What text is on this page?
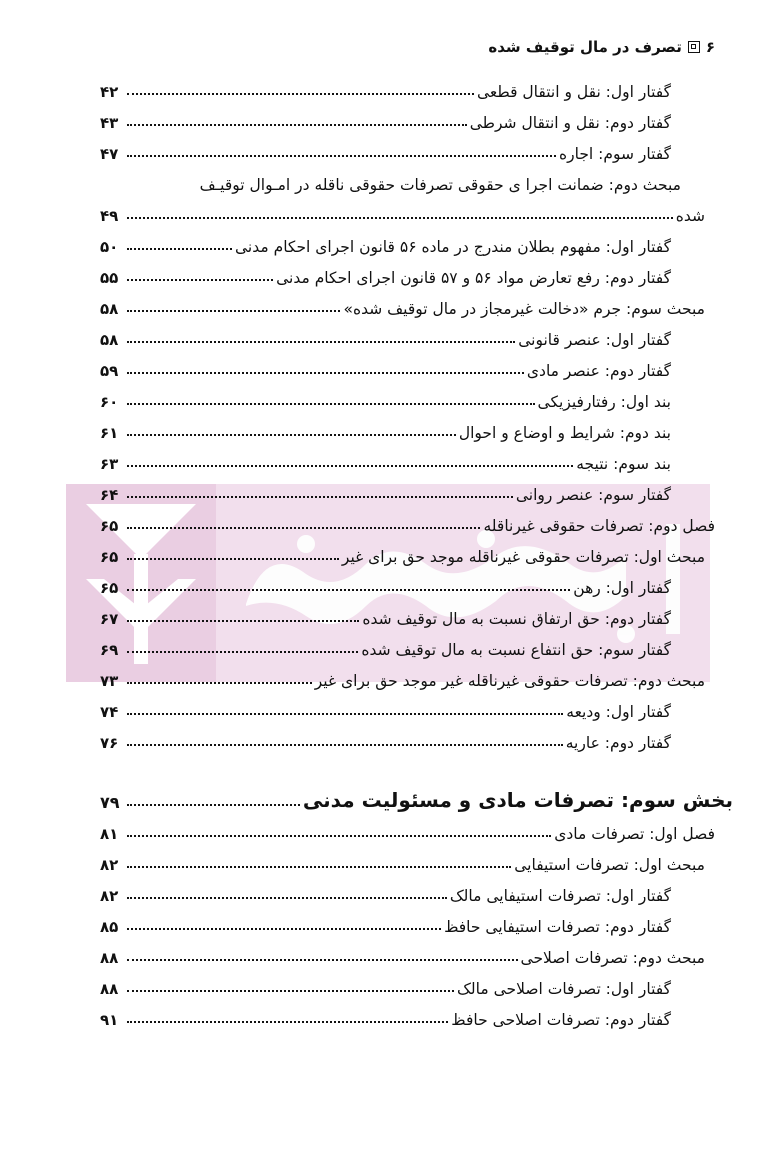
۶
تصرف در مال توقیف شده
گفتار اول: نقل و انتقال قطعی
۴۲
گفتار دوم: نقل و انتقال شرطی
۴۳
گفتار سوم: اجاره
۴۷
مبحث دوم: ضمانت اجرا ی حقوقی تصرفات حقوقی ناقله در امـوال توقیـف
شده
۴۹
گفتار اول: مفهوم بطلان مندرج در ماده ۵۶ قانون اجرای احکام مدنی
۵۰
گفتار دوم: رفع تعارض مواد ۵۶ و ۵۷ قانون اجرای احکام مدنی
۵۵
مبحث سوم: جرم «دخالت غیرمجاز در مال توقیف شده»
۵۸
گفتار اول: عنصر قانونی
۵۸
گفتار دوم: عنصر مادی
۵۹
بند اول: رفتارفیزیکی
۶۰
بند دوم: شرایط و اوضاع و احوال
۶۱
بند سوم: نتیجه
۶۳
گفتار سوم: عنصر روانی
۶۴
فصل دوم: تصرفات حقوقی غیرناقله
۶۵
مبحث اول: تصرفات حقوقی غیرناقله موجد حق برای غیر
۶۵
گفتار اول: رهن
۶۵
گفتار دوم: حق ارتفاق نسبت به مال توقیف شده
۶۷
گفتار سوم: حق انتفاع نسبت به مال توقیف شده
۶۹
مبحث دوم: تصرفات حقوقی غیرناقله غیر موجد حق برای غیر
۷۳
گفتار اول: ودیعه
۷۴
گفتار دوم: عاریه
۷۶
بخش سوم: تصرفات مادی و مسئولیت مدنی
۷۹
فصل اول: تصرفات مادی
۸۱
مبحث اول: تصرفات استیفایی
۸۲
گفتار اول: تصرفات استیفایی مالک
۸۲
گفتار دوم: تصرفات استیفایی حافظ
۸۵
مبحث دوم: تصرفات اصلاحی
۸۸
گفتار اول: تصرفات اصلاحی مالک
۸۸
گفتار دوم: تصرفات اصلاحی حافظ
۹۱
